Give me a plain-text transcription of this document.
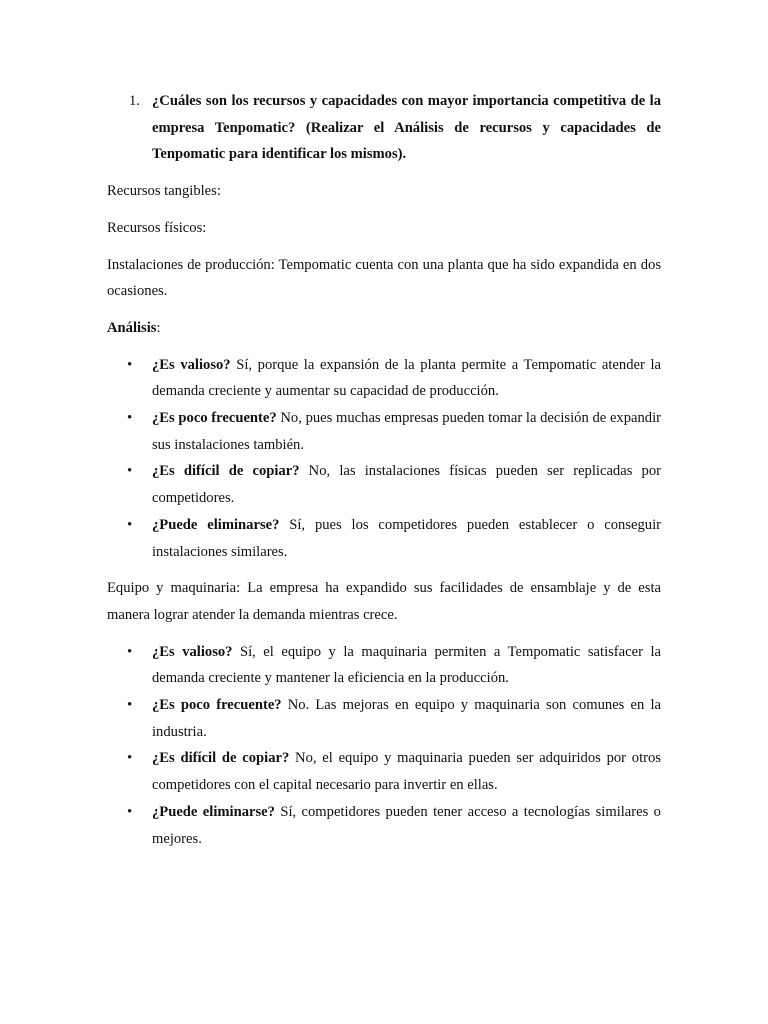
1. ¿Cuáles son los recursos y capacidades con mayor importancia competitiva de la empresa Tenpomatic? (Realizar el Análisis de recursos y capacidades de Tenpomatic para identificar los mismos).

Recursos tangibles:

Recursos físicos:

Instalaciones de producción: Tempomatic cuenta con una planta que ha sido expandida en dos ocasiones.

Análisis:

• ¿Es valioso? Sí, porque la expansión de la planta permite a Tempomatic atender la demanda creciente y aumentar su capacidad de producción.
• ¿Es poco frecuente? No, pues muchas empresas pueden tomar la decisión de expandir sus instalaciones también.
• ¿Es difícil de copiar? No, las instalaciones físicas pueden ser replicadas por competidores.
• ¿Puede eliminarse? Sí, pues los competidores pueden establecer o conseguir instalaciones similares.

Equipo y maquinaria: La empresa ha expandido sus facilidades de ensamblaje y de esta manera lograr atender la demanda mientras crece.

• ¿Es valioso? Sí, el equipo y la maquinaria permiten a Tempomatic satisfacer la demanda creciente y mantener la eficiencia en la producción.
• ¿Es poco frecuente? No. Las mejoras en equipo y maquinaria son comunes en la industria.
• ¿Es difícil de copiar? No, el equipo y maquinaria pueden ser adquiridos por otros competidores con el capital necesario para invertir en ellas.
• ¿Puede eliminarse? Sí, competidores pueden tener acceso a tecnologías similares o mejores.
